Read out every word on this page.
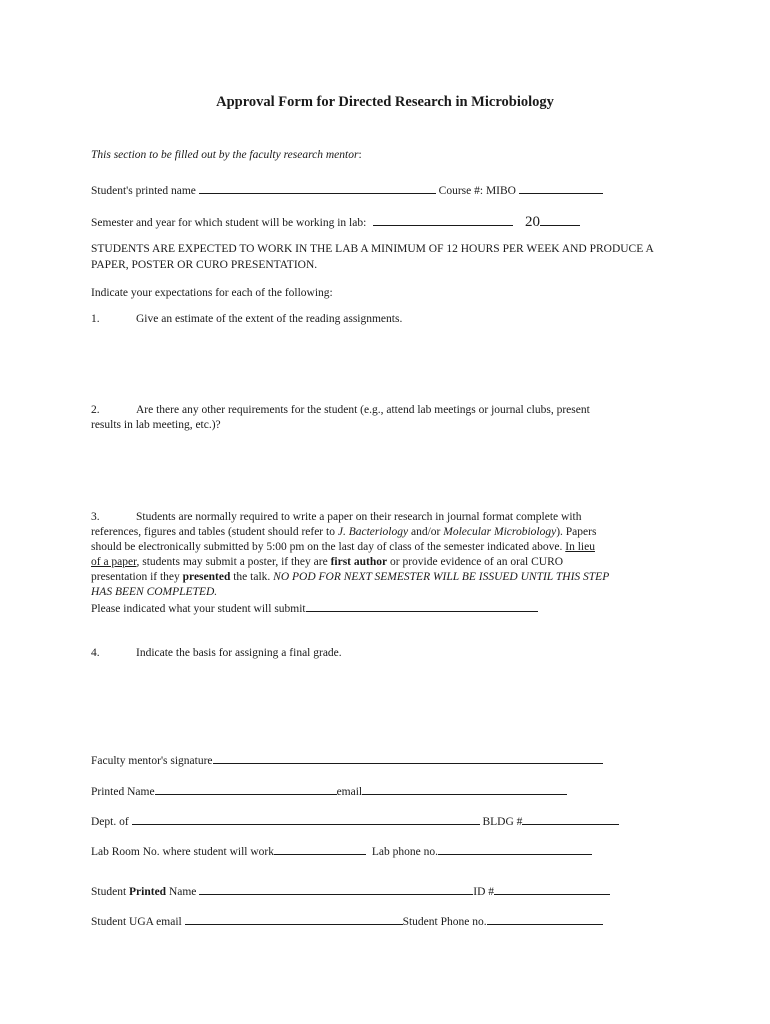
Approval Form for Directed Research in Microbiology
This section to be filled out by the faculty research mentor:
Student's printed name	Course #: MIBO
Semester and year for which student will be working in lab:	20
STUDENTS ARE EXPECTED TO WORK IN THE LAB A MINIMUM OF 12 HOURS PER WEEK AND PRODUCE A
PAPER, POSTER OR CURO PRESENTATION.
Indicate your expectations for each of the following:
1.	Give an estimate of the extent of the reading assignments.
2.	Are there any other requirements for the student (e.g., attend lab meetings or journal clubs, present
results in lab meeting, etc.)?
3.	Students are normally required to write a paper on their research in journal format complete with
references, figures and tables (student should refer to J. Bacteriology and/or Molecular Microbiology). Papers
should be electronically submitted by 5:00 pm on the last day of class of the semester indicated above. In lieu
of a paper, students may submit a poster, if they are first author or provide evidence of an oral CURO
presentation if they presented the talk. NO POD FOR NEXT SEMESTER WILL BE ISSUED UNTIL THIS STEP
HAS BEEN COMPLETED.
Please indicated what your student will submit
4.	Indicate the basis for assigning a final grade.
Faculty mentor's signature
Printed Name	email
Dept. of	BLDG #
Lab Room No. where student will work	Lab phone no.
Student Printed Name	ID #
Student UGA email	Student Phone no.
